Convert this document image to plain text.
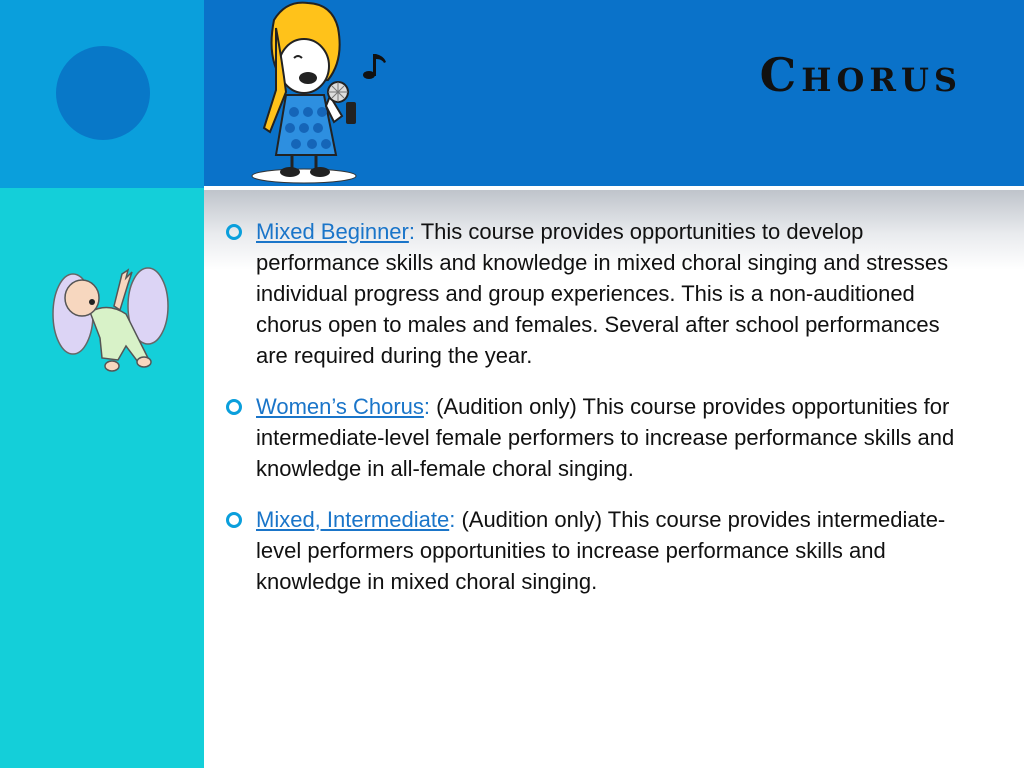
Chorus
Mixed Beginner: This course provides opportunities to develop performance skills and knowledge in mixed choral singing and stresses individual progress and group experiences. This is a non-auditioned chorus open to males and females. Several after school performances are required during the year.
Women’s Chorus: (Audition only) This course provides opportunities for intermediate-level female performers to increase performance skills and knowledge in all-female choral singing.
Mixed, Intermediate: (Audition only) This course provides intermediate-level performers opportunities to increase performance skills and knowledge in mixed choral singing.
